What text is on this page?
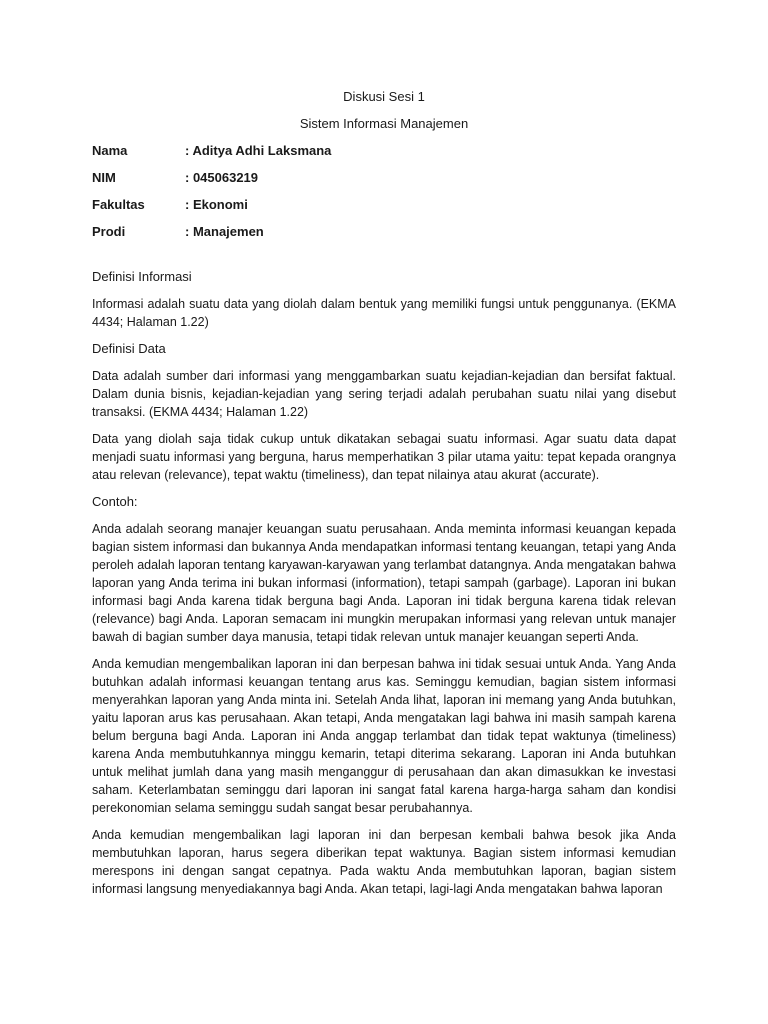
Diskusi Sesi 1

Sistem Informasi Manajemen

Nama	: Aditya Adhi Laksmana
NIM	: 045063219
Fakultas	: Ekonomi
Prodi	: Manajemen

Definisi Informasi

Informasi adalah suatu data yang diolah dalam bentuk yang memiliki fungsi untuk penggunanya. (EKMA 4434; Halaman 1.22)

Definisi Data

Data adalah sumber dari informasi yang menggambarkan suatu kejadian-kejadian dan bersifat faktual. Dalam dunia bisnis, kejadian-kejadian yang sering terjadi adalah perubahan suatu nilai yang disebut transaksi. (EKMA 4434; Halaman 1.22)

Data yang diolah saja tidak cukup untuk dikatakan sebagai suatu informasi. Agar suatu data dapat menjadi suatu informasi yang berguna, harus memperhatikan 3 pilar utama yaitu: tepat kepada orangnya atau relevan (relevance), tepat waktu (timeliness), dan tepat nilainya atau akurat (accurate).

Contoh:

Anda adalah seorang manajer keuangan suatu perusahaan. Anda meminta informasi keuangan kepada bagian sistem informasi dan bukannya Anda mendapatkan informasi tentang keuangan, tetapi yang Anda peroleh adalah laporan tentang karyawan-karyawan yang terlambat datangnya. Anda mengatakan bahwa laporan yang Anda terima ini bukan informasi (information), tetapi sampah (garbage). Laporan ini bukan informasi bagi Anda karena tidak berguna bagi Anda. Laporan ini tidak berguna karena tidak relevan (relevance) bagi Anda. Laporan semacam ini mungkin merupakan informasi yang relevan untuk manajer bawah di bagian sumber daya manusia, tetapi tidak relevan untuk manajer keuangan seperti Anda.

Anda kemudian mengembalikan laporan ini dan berpesan bahwa ini tidak sesuai untuk Anda. Yang Anda butuhkan adalah informasi keuangan tentang arus kas. Seminggu kemudian, bagian sistem informasi menyerahkan laporan yang Anda minta ini. Setelah Anda lihat, laporan ini memang yang Anda butuhkan, yaitu laporan arus kas perusahaan. Akan tetapi, Anda mengatakan lagi bahwa ini masih sampah karena belum berguna bagi Anda. Laporan ini Anda anggap terlambat dan tidak tepat waktunya (timeliness) karena Anda membutuhkannya minggu kemarin, tetapi diterima sekarang. Laporan ini Anda butuhkan untuk melihat jumlah dana yang masih menganggur di perusahaan dan akan dimasukkan ke investasi saham. Keterlambatan seminggu dari laporan ini sangat fatal karena harga-harga saham dan kondisi perekonomian selama seminggu sudah sangat besar perubahannya.

Anda kemudian mengembalikan lagi laporan ini dan berpesan kembali bahwa besok jika Anda membutuhkan laporan, harus segera diberikan tepat waktunya. Bagian sistem informasi kemudian merespons ini dengan sangat cepatnya. Pada waktu Anda membutuhkan laporan, bagian sistem informasi langsung menyediakannya bagi Anda. Akan tetapi, lagi-lagi Anda mengatakan bahwa laporan
